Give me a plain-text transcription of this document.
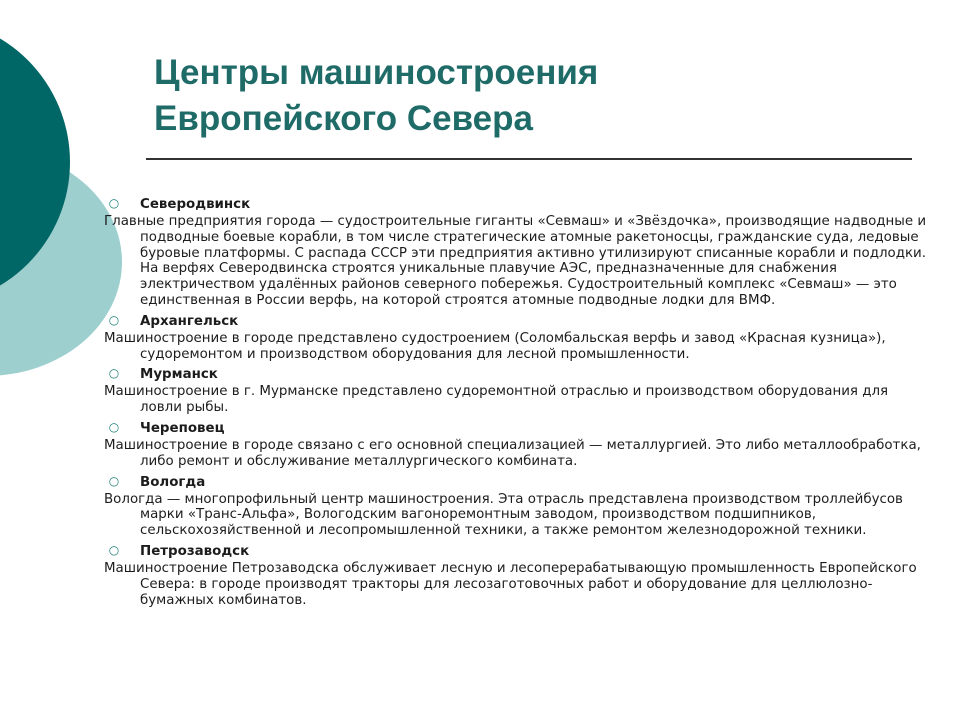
Центры машиностроения
Европейского Севера
○	Северодвинск

Главные предприятия города — судостроительные гиганты «Севмаш» и «Звёздочка», производящие надводные и подводные боевые корабли, в том числе стратегические атомные ракетоносцы, гражданские суда, ледовые буровые платформы. С распада СССР эти предприятия активно утилизируют списанные корабли и подлодки. На верфях Северодвинска строятся уникальные плавучие АЭС, предназначенные для снабжения электричеством удалённых районов северного побережья. Судостроительный комплекс «Севмаш» — это единственная в России верфь, на которой строятся атомные подводные лодки для ВМФ.

○	Архангельск

Машиностроение в городе представлено судостроением (Соломбальская верфь и завод «Красная кузница»), судоремонтом и производством оборудования для лесной промышленности.

○	Мурманск

Машиностроение в г. Мурманске представлено судоремонтной отраслью и производством оборудования для ловли рыбы.

○	Череповец

Машиностроение в городе связано с его основной специализацией — металлургией. Это либо металлообработка, либо ремонт и обслуживание металлургического комбината.

○	Вологда

Вологда — многопрофильный центр машиностроения. Эта отрасль представлена производством троллейбусов марки «Транс-Альфа», Вологодским вагоноремонтным заводом, производством подшипников, сельскохозяйственной и лесопромышленной техники, а также ремонтом железнодорожной техники.

○	Петрозаводск

Машиностроение Петрозаводска обслуживает лесную и лесоперерабатывающую промышленность Европейского Севера: в городе производят тракторы для лесозаготовочных работ и оборудование для целлюлозно-бумажных комбинатов.
